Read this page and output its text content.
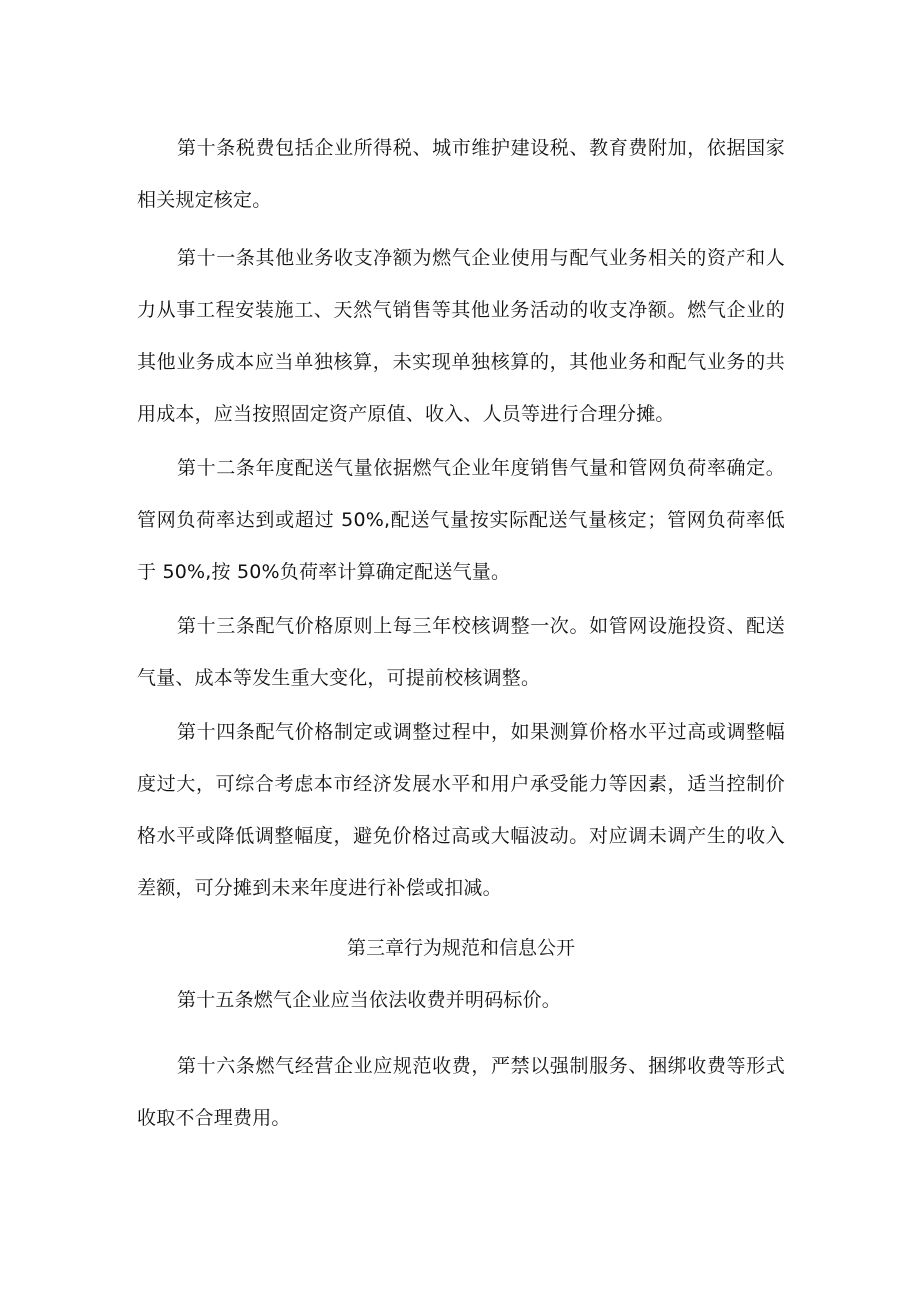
第十条税费包括企业所得税、城市维护建设税、教育费附加，依据国家相关规定核定。

第十一条其他业务收支净额为燃气企业使用与配气业务相关的资产和人力从事工程安装施工、天然气销售等其他业务活动的收支净额。燃气企业的其他业务成本应当单独核算，未实现单独核算的，其他业务和配气业务的共用成本，应当按照固定资产原值、收入、人员等进行合理分摊。

第十二条年度配送气量依据燃气企业年度销售气量和管网负荷率确定。管网负荷率达到或超过 50%,配送气量按实际配送气量核定；管网负荷率低于 50%,按 50%负荷率计算确定配送气量。

第十三条配气价格原则上每三年校核调整一次。如管网设施投资、配送气量、成本等发生重大变化，可提前校核调整。

第十四条配气价格制定或调整过程中，如果测算价格水平过高或调整幅度过大，可综合考虑本市经济发展水平和用户承受能力等因素，适当控制价格水平或降低调整幅度，避免价格过高或大幅波动。对应调未调产生的收入差额，可分摊到未来年度进行补偿或扣减。

第三章行为规范和信息公开

第十五条燃气企业应当依法收费并明码标价。

第十六条燃气经营企业应规范收费，严禁以强制服务、捆绑收费等形式收取不合理费用。
